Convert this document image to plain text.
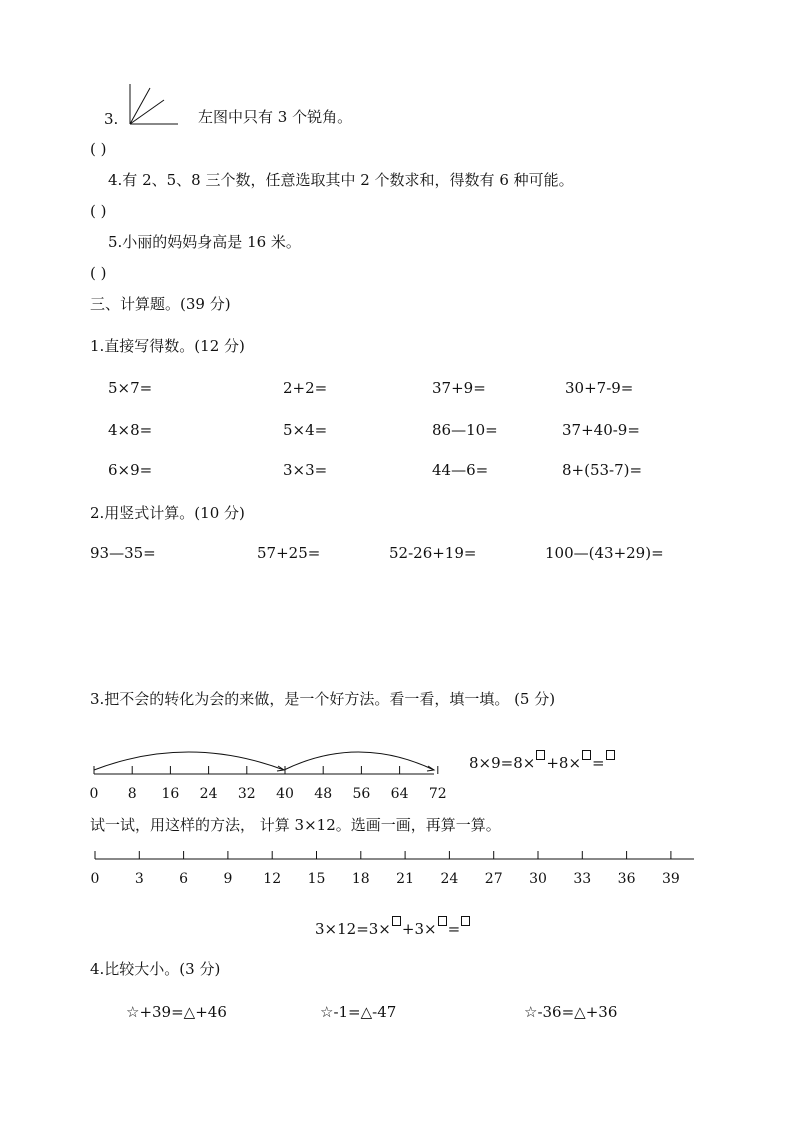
3.	左图中只有 3 个锐角。
( )
4.有 2、5、8 三个数，任意选取其中 2 个数求和，得数有 6 种可能。
( )
5.小丽的妈妈身高是 16 米。
( )
三、计算题。(39 分)
1.直接写得数。(12 分)
5×7=	2+2=	37+9=	30+7-9=
4×8=	5×4=	86—10=	37+40-9=
6×9=	3×3=	44—6=	8+(53-7)=
2.用竖式计算。(10 分)
93—35=	57+25=	52-26+19=	100—(43+29)=
3.把不会的转化为会的来做，是一个好方法。看一看，填一填。 (5 分)
0 8 16 24 32 40 48 56 64 72
8×9=8× +8× =
试一试，用这样的方法， 计算 3×12。选画一画，再算一算。
0	3	6	9 12 15 18 21 24 27 30 33 36 39
3×12=3× +3× =
4.比较大小。(3 分)
☆+39=△+46	☆-1=△-47	☆-36=△+36
